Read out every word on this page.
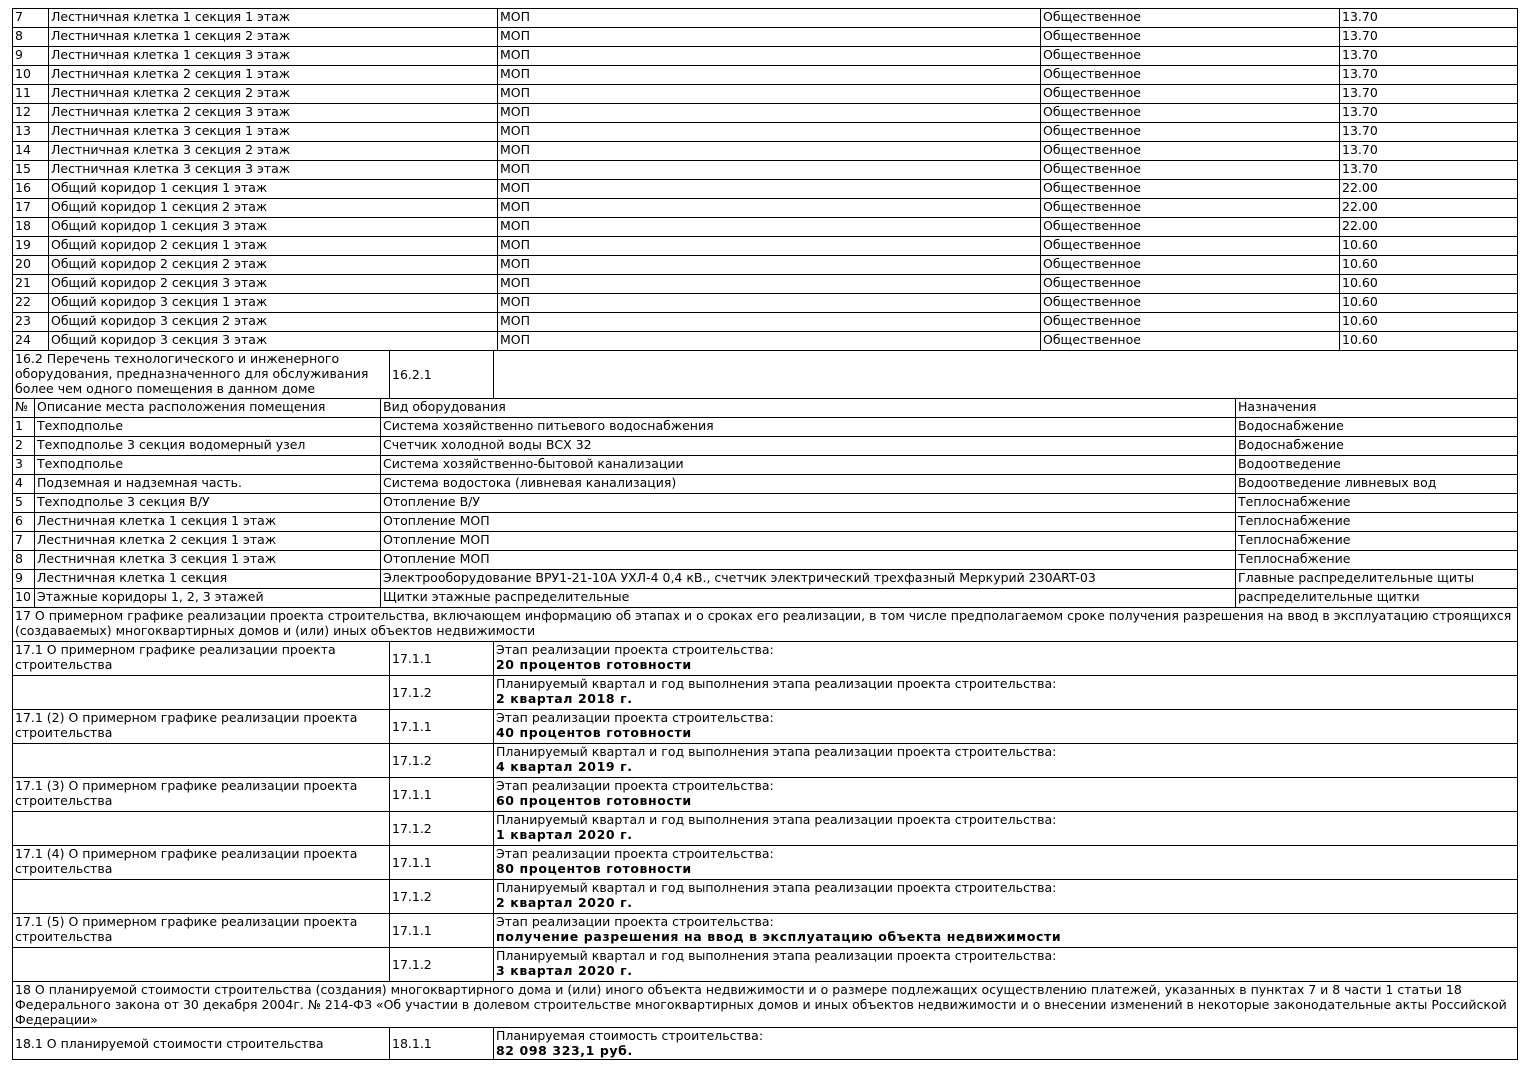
7	Лестничная клетка 1 секция 1 этаж	МОП	Общественное	13.70
8	Лестничная клетка 1 секция 2 этаж	МОП	Общественное	13.70
9	Лестничная клетка 1 секция 3 этаж	МОП	Общественное	13.70
10	Лестничная клетка 2 секция 1 этаж	МОП	Общественное	13.70
11	Лестничная клетка 2 секция 2 этаж	МОП	Общественное	13.70
12	Лестничная клетка 2 секция 3 этаж	МОП	Общественное	13.70
13	Лестничная клетка 3 секция 1 этаж	МОП	Общественное	13.70
14	Лестничная клетка 3 секция 2 этаж	МОП	Общественное	13.70
15	Лестничная клетка 3 секция 3 этаж	МОП	Общественное	13.70
16	Общий коридор 1 секция 1 этаж	МОП	Общественное	22.00
17	Общий коридор 1 секция 2 этаж	МОП	Общественное	22.00
18	Общий коридор 1 секция 3 этаж	МОП	Общественное	22.00
19	Общий коридор 2 секция 1 этаж	МОП	Общественное	10.60
20	Общий коридор 2 секция 2 этаж	МОП	Общественное	10.60
21	Общий коридор 2 секция 3 этаж	МОП	Общественное	10.60
22	Общий коридор 3 секция 1 этаж	МОП	Общественное	10.60
23	Общий коридор 3 секция 2 этаж	МОП	Общественное	10.60
24	Общий коридор 3 секция 3 этаж	МОП	Общественное	10.60
16.2 Перечень технологического и инженерного оборудования, предназначенного для обслуживания более чем одного помещения в данном доме	16.2.1	
№	Описание места расположения помещения	Вид оборудования	Назначения
1	Техподполье	Система хозяйственно питьевого водоснабжения	Водоснабжение
2	Техподполье 3 секция водомерный узел	Счетчик холодной воды ВСХ 32	Водоснабжение
3	Техподполье	Система хозяйственно-бытовой канализации	Водоотведение
4	Подземная и надземная часть.	Система водостока (ливневая канализация)	Водоотведение ливневых вод
5	Техподполье 3 секция В/У	Отопление В/У	Теплоснабжение
6	Лестничная клетка 1 секция 1 этаж	Отопление МОП	Теплоснабжение
7	Лестничная клетка 2 секция 1 этаж	Отопление МОП	Теплоснабжение
8	Лестничная клетка 3 секция 1 этаж	Отопление МОП	Теплоснабжение
9	Лестничная клетка 1 секция	Электрооборудование ВРУ1-21-10А УХЛ-4 0,4 кВ., счетчик электрический трехфазный Меркурий 230ART-03	Главные распределительные щиты
10	Этажные коридоры 1, 2, 3 этажей	Щитки этажные распределительные	распределительные щитки
17 О примерном графике реализации проекта строительства, включающем информацию об этапах и о сроках его реализации, в том числе предполагаемом сроке получения разрешения на ввод в эксплуатацию строящихся (создаваемых) многоквартирных домов и (или) иных объектов недвижимости		
17.1 О примерном графике реализации проекта строительства	17.1.1	Этап реализации проекта строительства:
20 процентов готовности

	17.1.2	Планируемый квартал и год выполнения этапа реализации проекта строительства:
2 квартал 2018 г.

17.1 (2) О примерном графике реализации проекта строительства	17.1.1	Этап реализации проекта строительства:
40 процентов готовности

	17.1.2	Планируемый квартал и год выполнения этапа реализации проекта строительства:
4 квартал 2019 г.

17.1 (3) О примерном графике реализации проекта строительства	17.1.1	Этап реализации проекта строительства:
60 процентов готовности

	17.1.2	Планируемый квартал и год выполнения этапа реализации проекта строительства:
1 квартал 2020 г.

17.1 (4) О примерном графике реализации проекта строительства	17.1.1	Этап реализации проекта строительства:
80 процентов готовности

	17.1.2	Планируемый квартал и год выполнения этапа реализации проекта строительства:
2 квартал 2020 г.

17.1 (5) О примерном графике реализации проекта строительства	17.1.1	Этап реализации проекта строительства:
получение разрешения на ввод в эксплуатацию объекта недвижимости

	17.1.2	Планируемый квартал и год выполнения этапа реализации проекта строительства:
3 квартал 2020 г.
18 О планируемой стоимости строительства (создания) многоквартирного дома и (или) иного объекта недвижимости и о размере подлежащих осуществлению платежей, указанных в пунктах 7 и 8 части 1 статьи 18 Федерального закона от 30 декабря 2004г. № 214-ФЗ «Об участии в долевом строительстве многоквартирных домов и иных объектов недвижимости и о внесении изменений в некоторые законодательные акты Российской Федерации»
18.1 О планируемой стоимости строительства	18.1.1	
Планируемая стоимость строительства:
82 098 323,1 руб.
